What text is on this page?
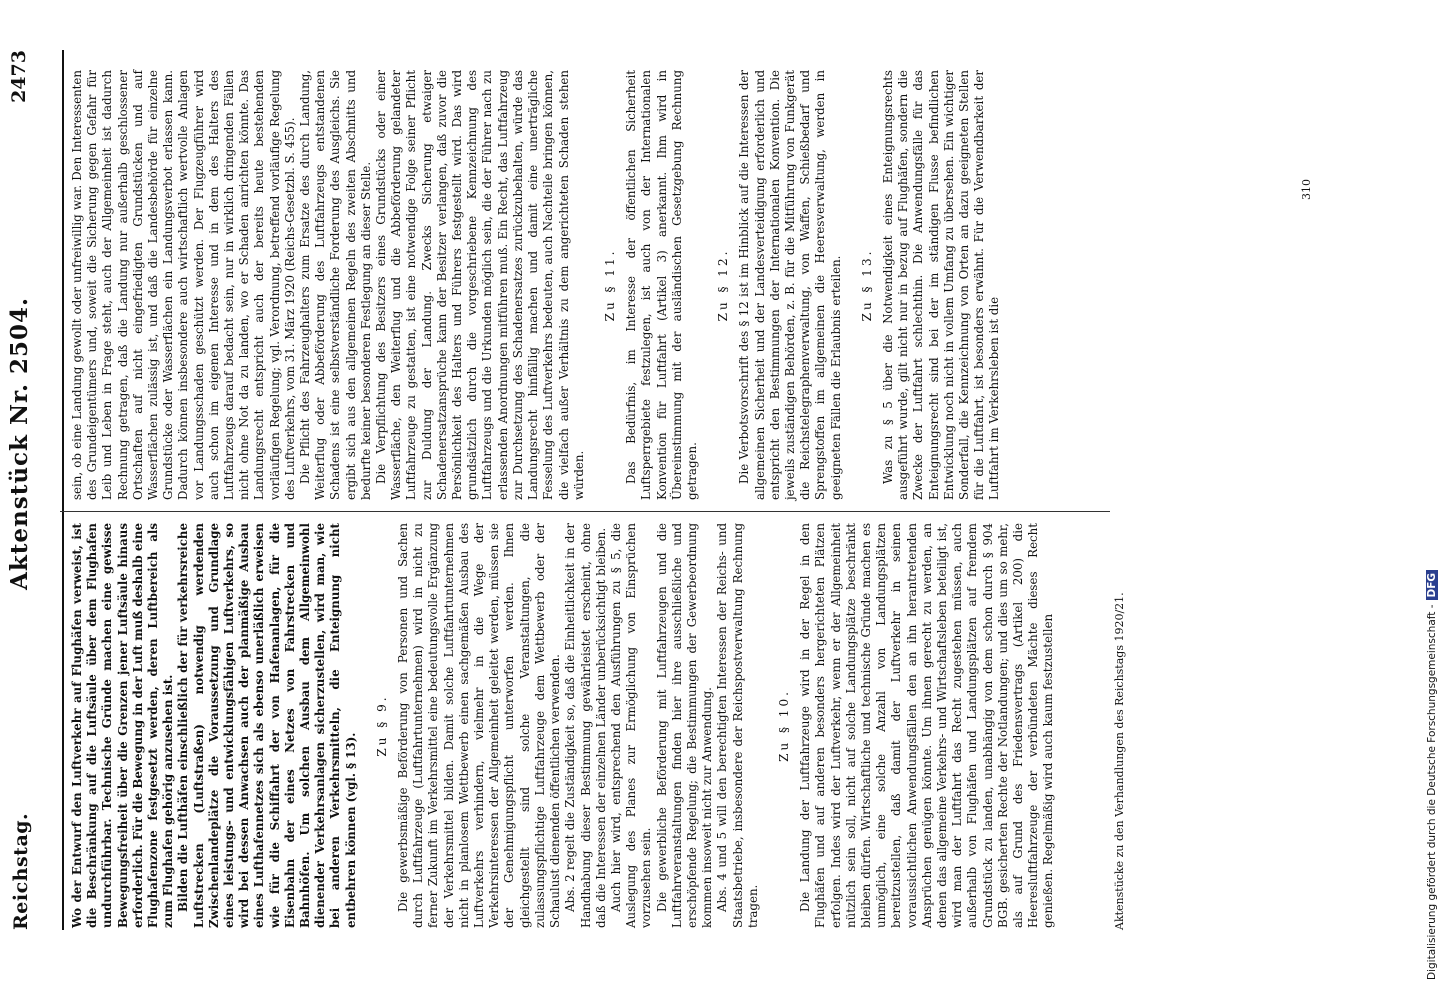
Reichstag.
Aktenstück Nr. 2504.
2473

Wo der Entwurf den Luftverkehr auf Flughäfen verweist, ist die Beschränkung auf die Luftsäule über dem Flughafen undurchführbar. Technische Gründe machen eine gewisse Bewegungsfreiheit über die Grenzen jener Luftsäule hinaus erforderlich. Für die Bewegung in der Luft muß deshalb eine Flughafenzone festgesetzt werden, deren Luftbereich als zum Flughafen gehörig anzusehen ist. Bilden die Lufthäfen einschließlich der für verkehrsreiche Luftstrecken (Luftstraßen) notwendig werdenden Zwischenlandeplätze die Voraussetzung und Grundlage eines leistungs- und entwicklungsfähigen Luftverkehrs, so wird bei dessen Anwachsen auch der planmäßige Ausbau eines Lufthafennetzes sich als ebenso unerläßlich erweisen wie für die Schiffahrt der von Hafenanlagen, für die Eisenbahn der eines Netzes von Fahrstrecken und Bahnhöfen. Um solchen Ausbau dem Allgemeinwohl dienender Verkehrsanlagen sicherzustellen, wird man, wie bei anderen Verkehrsmitteln, die Enteignung nicht entbehren können (vgl. § 13).

Zu § 9. Die gewerbsmäßige Beförderung von Personen und Sachen durch Luftfahrzeuge (Luftfahrtunternehmen) wird in nicht zu ferner Zukunft im Verkehrsmittel eine bedeutungsvolle Ergänzung der Verkehrsmittel bilden. Damit solche Luftfahrtunternehmen nicht in planlosem Wettbewerb einen sachgemäßen Ausbau des Luftverkehrs verhindern, vielmehr in die Wege der Verkehrsinteressen der Allgemeinheit geleitet werden, müssen sie der Genehmigungspflicht unterworfen werden. Ihnen gleichgestellt sind solche Veranstaltungen, die zulassungspflichtige Luftfahrzeuge dem Wettbewerb oder der Schaulust dienenden öffentlichen verwenden. Abs. 2 regelt die Zuständigkeit so, daß die Einheitlichkeit in der Handhabung dieser Bestimmung gewährleistet erscheint, ohne daß die Interessen der einzelnen Länder unberücksichtigt bleiben. Auch hier wird, entsprechend den Ausführungen zu § 5, die Auslegung des Planes zur Ermöglichung von Einsprüchen vorzusehen sein. Die gewerbliche Beförderung mit Luftfahrzeugen und die Luftfahrveranstaltungen finden hier ihre ausschließliche und erschöpfende Regelung; die Bestimmungen der Gewerbeordnung kommen insoweit nicht zur Anwendung. Abs. 4 und 5 will den berechtigten Interessen der Reichs- und Staatsbetriebe, insbesondere der Reichspostverwaltung Rechnung tragen.

Zu § 10. Die Landung der Luftfahrzeuge wird in der Regel in den Flughäfen und auf anderen besonders hergerichteten Plätzen erfolgen. Indes wird der Luftverkehr, wenn er der Allgemeinheit nützlich sein soll, nicht auf solche Landungsplätze beschränkt bleiben dürfen. Wirtschaftliche und technische Gründe machen es unmöglich, eine solche Anzahl von Landungsplätzen bereitzustellen, daß damit der Luftverkehr in seinen voraussichtlichen Anwendungsfällen den an ihn herantretenden Ansprüchen genügen könnte. Um ihnen gerecht zu werden, an denen das allgemeine Verkehrs- und Wirtschaftsleben beteiligt ist, wird man der Luftfahrt das Recht zugestehen müssen, auch außerhalb von Flughäfen und Landungsplätzen auf fremdem Grundstück zu landen, unabhängig von dem schon durch § 904 BGB. gesicherten Rechte der Notlandungen; und dies um so mehr, als auf Grund des Friedensvertrags (Artikel 200) die Heeresluftfahrzeuge der verbündeten Mächte dieses Recht genießen. Regelmäßig wird auch kaum festzustellen

sein, ob eine Landung gewollt oder unfreiwillig war. Den Interessenten des Grundeigentümers und, soweit die Sicherung gegen Gefahr für Leib und Leben in Frage steht, auch der Allgemeinheit ist dadurch Rechnung getragen, daß die Landung nur außerhalb geschlossener Ortschaften auf nicht eingefriedigten Grundstücken und auf Wasserflächen zulässig ist, und daß die Landesbehörde für einzelne Grundstücke oder Wasserflächen ein Landungsverbot erlassen kann. Dadurch können insbesondere auch wirtschaftlich wertvolle Anlagen vor Landungsschaden geschützt werden. Der Flugzeugführer wird auch schon im eigenen Interesse und in dem des Halters des Luftfahrzeugs darauf bedacht sein, nur in wirklich dringenden Fällen nicht ohne Not da zu landen, wo er Schaden anrichten könnte. Das Landungsrecht entspricht auch der bereits heute bestehenden vorläufigen Regelung; vgl. Verordnung, betreffend vorläufige Regelung des Luftverkehrs, vom 31. März 1920 (Reichs-Gesetzbl. S. 455). Die Pflicht des Fahrzeughalters zum Ersatze des durch Landung, Weiterflug oder Abbeförderung des Luftfahrzeugs entstandenen Schadens ist eine selbstverständliche Forderung des Ausgleichs. Sie ergibt sich aus den allgemeinen Regeln des zweiten Abschnitts und bedurfte keiner besonderen Festlegung an dieser Stelle. Die Verpflichtung des Besitzers eines Grundstücks oder einer Wasserfläche, den Weiterflug und die Abbeförderung gelandeter Luftfahrzeuge zu gestatten, ist eine notwendige Folge seiner Pflicht zur Duldung der Landung. Zwecks Sicherung etwaiger Schadenersatzansprüche kann der Besitzer verlangen, daß zuvor die Persönlichkeit des Halters und Führers festgestellt wird. Das wird grundsätzlich durch die vorgeschriebene Kennzeichnung des Luftfahrzeugs und die Urkunden möglich sein, die der Führer nach zu erlassenden Anordnungen mitführen muß. Ein Recht, das Luftfahrzeug zur Durchsetzung des Schadenersatzes zurückzubehalten, würde das Landungsrecht hinfällig machen und damit eine unerträgliche Fesselung des Luftverkehrs bedeuten, auch Nachteile bringen können, die vielfach außer Verhältnis zu dem angerichteten Schaden stehen würden.

Zu § 11. Das Bedürfnis, im Interesse der öffentlichen Sicherheit Luftsperrgebiete festzulegen, ist auch von der Internationalen Konvention für Luftfahrt (Artikel 3) anerkannt. Ihm wird in Übereinstimmung mit der ausländischen Gesetzgebung Rechnung getragen.

Zu § 12. Die Verbotsvorschrift des § 12 ist im Hinblick auf die Interessen der allgemeinen Sicherheit und der Landesverteidigung erforderlich und entspricht den Bestimmungen der Internationalen Konvention. Die jeweils zuständigen Behörden, z. B. für die Mitführung von Funkgerät die Reichstelegraphenverwaltung, von Waffen, Schießbedarf und Sprengstoffen im allgemeinen die Heeresverwaltung, werden in geeigneten Fällen die Erlaubnis erteilen. Zu § 13. Was zu § 5 über die Notwendigkeit eines Enteignungsrechts ausgeführt wurde, gilt nicht nur in bezug auf Flughäfen, sondern die Zwecke der Luftfahrt schlechthin. Die Anwendungsfälle für das Enteignungsrecht sind bei der im ständigen Flusse befindlichen Entwicklung noch nicht in vollem Umfang zu übersehen. Ein wichtiger Sonderfall, die Kennzeichnung von Orten an dazu geeigneten Stellen für die Luftfahrt, ist besonders erwähnt. Für die Verwendbarkeit der Luftfahrt im Verkehrsleben ist die

Aktenstücke zu den Verhandlungen des Reichstags 1920/21.
310
Digitalisierung gefördert durch die Deutsche Forschungsgemeinschaft -DFG
